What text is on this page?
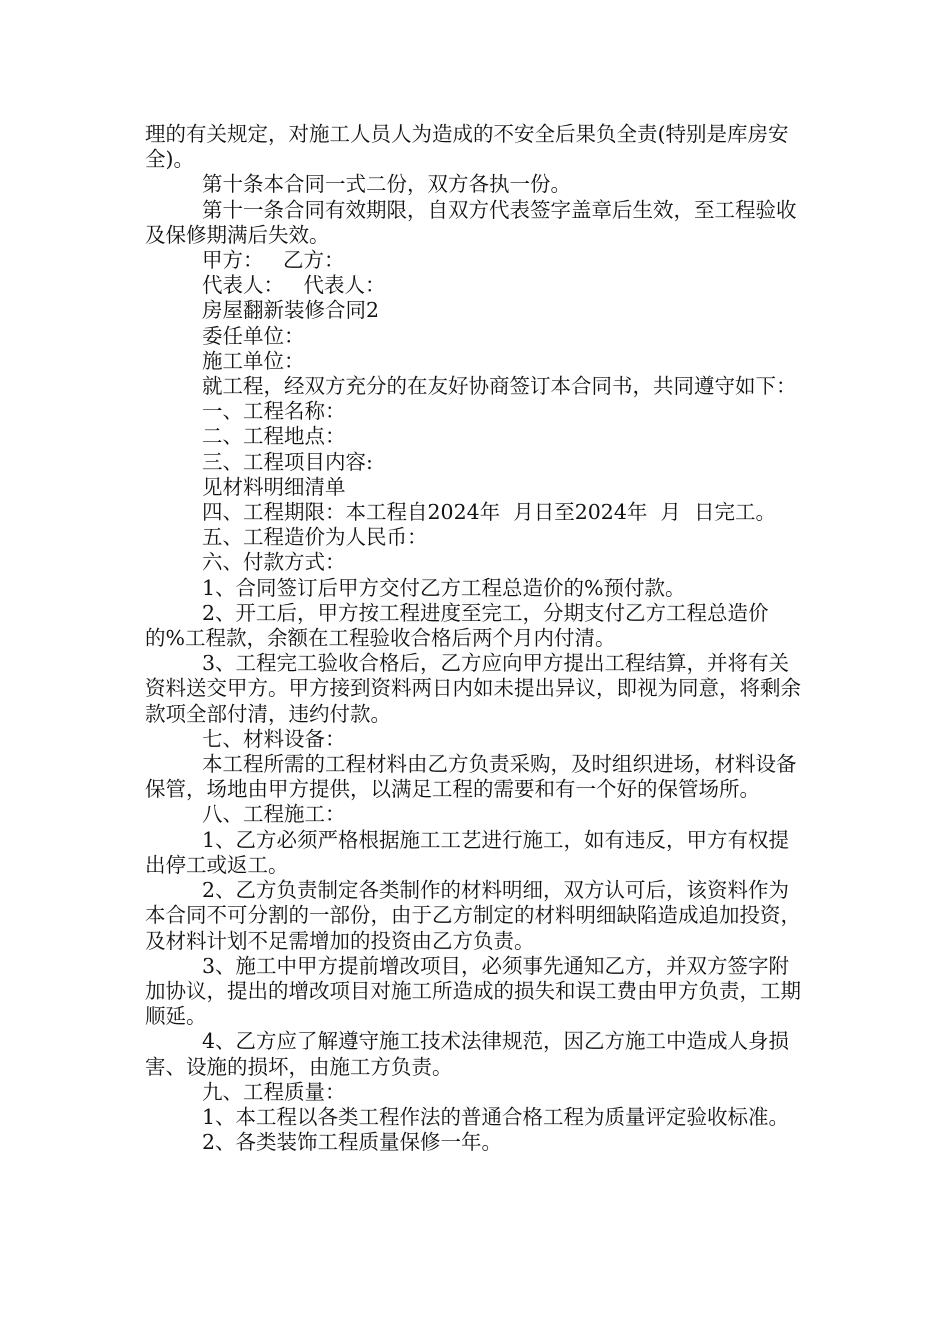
理的有关规定，对施工人员人为造成的不安全后果负全责(特别是库房安全)。

第十条本合同一式二份，双方各执一份。

第十一条合同有效期限，自双方代表签字盖章后生效，至工程验收及保修期满后失效。

甲方：   乙方：

代表人：   代表人：

房屋翻新装修合同2

委任单位：

施工单位：

就工程，经双方充分的在友好协商签订本合同书，共同遵守如下：

一、工程名称：

二、工程地点：

三、工程项目内容:

见材料明细清单

四、工程期限：本工程自2024年  月日至2024年  月  日完工。

五、工程造价为人民币：

六、付款方式：

1、合同签订后甲方交付乙方工程总造价的%预付款。

2、开工后，甲方按工程进度至完工，分期支付乙方工程总造价的%工程款，余额在工程验收合格后两个月内付清。

3、工程完工验收合格后，乙方应向甲方提出工程结算，并将有关资料送交甲方。甲方接到资料两日内如未提出异议，即视为同意，将剩余款项全部付清，违约付款。

七、材料设备：

本工程所需的工程材料由乙方负责采购，及时组织进场，材料设备保管，场地由甲方提供，以满足工程的需要和有一个好的保管场所。

八、工程施工：

1、乙方必须严格根据施工工艺进行施工，如有违反，甲方有权提出停工或返工。

2、乙方负责制定各类制作的材料明细，双方认可后，该资料作为本合同不可分割的一部份，由于乙方制定的材料明细缺陷造成追加投资，及材料计划不足需增加的投资由乙方负责。

3、施工中甲方提前增改项目，必须事先通知乙方，并双方签字附加协议，提出的增改项目对施工所造成的损失和误工费由甲方负责，工期顺延。

4、乙方应了解遵守施工技术法律规范，因乙方施工中造成人身损害、设施的损坏，由施工方负责。

九、工程质量：

1、本工程以各类工程作法的普通合格工程为质量评定验收标准。

2、各类装饰工程质量保修一年。
